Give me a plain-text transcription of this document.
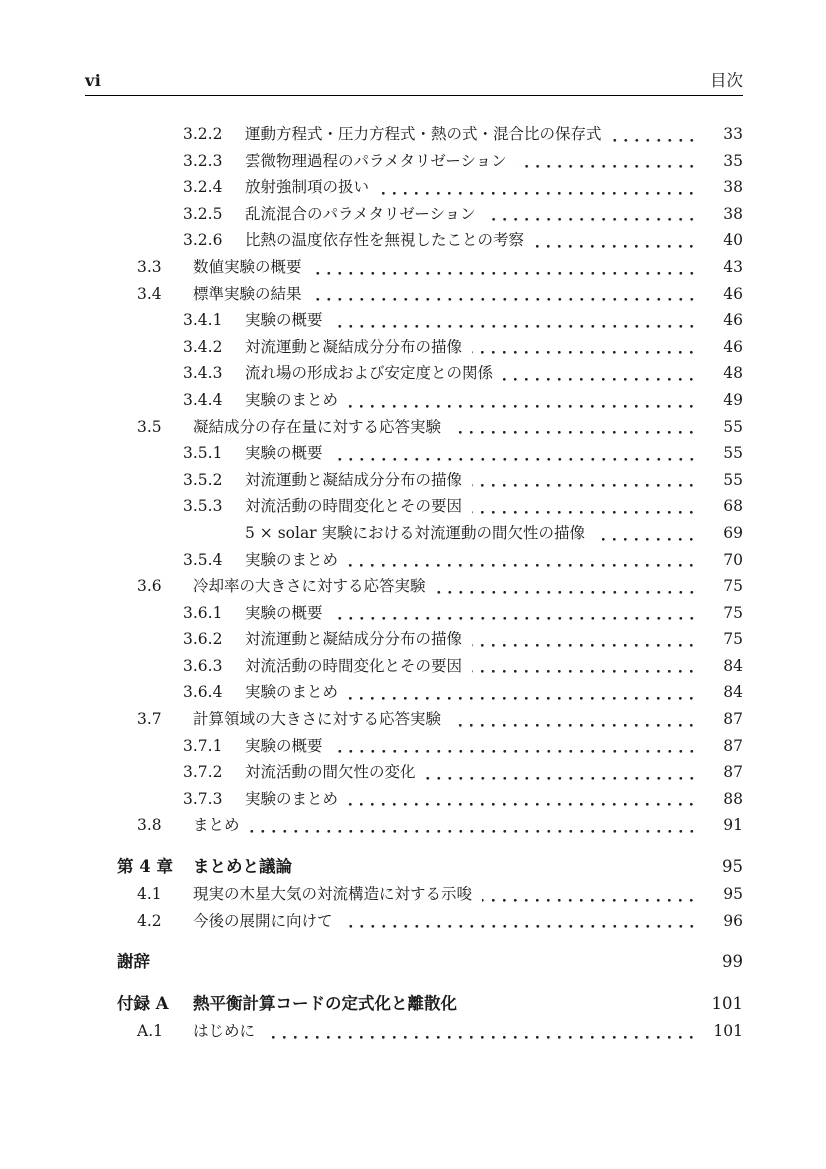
vi	目次
3.2.2	運動方程式・圧力方程式・熱の式・混合比の保存式	33
3.2.3	雲微物理過程のパラメタリゼーション	35
3.2.4	放射強制項の扱い	38
3.2.5	乱流混合のパラメタリゼーション	38
3.2.6	比熱の温度依存性を無視したことの考察	40
3.3	数値実験の概要	43
3.4	標準実験の結果	46
3.4.1	実験の概要	46
3.4.2	対流運動と凝結成分分布の描像	46
3.4.3	流れ場の形成および安定度との関係	48
3.4.4	実験のまとめ	49
3.5	凝結成分の存在量に対する応答実験	55
3.5.1	実験の概要	55
3.5.2	対流運動と凝結成分分布の描像	55
3.5.3	対流活動の時間変化とその要因	68
5 × solar 実験における対流運動の間欠性の描像	69
3.5.4	実験のまとめ	70
3.6	冷却率の大きさに対する応答実験	75
3.6.1	実験の概要	75
3.6.2	対流運動と凝結成分分布の描像	75
3.6.3	対流活動の時間変化とその要因	84
3.6.4	実験のまとめ	84
3.7	計算領域の大きさに対する応答実験	87
3.7.1	実験の概要	87
3.7.2	対流活動の間欠性の変化	87
3.7.3	実験のまとめ	88
3.8	まとめ	91
第 4 章	まとめと議論	95
4.1	現実の木星大気の対流構造に対する示唆	95
4.2	今後の展開に向けて	96
謝辞	99
付録 A	熱平衡計算コードの定式化と離散化	101
A.1	はじめに	101
